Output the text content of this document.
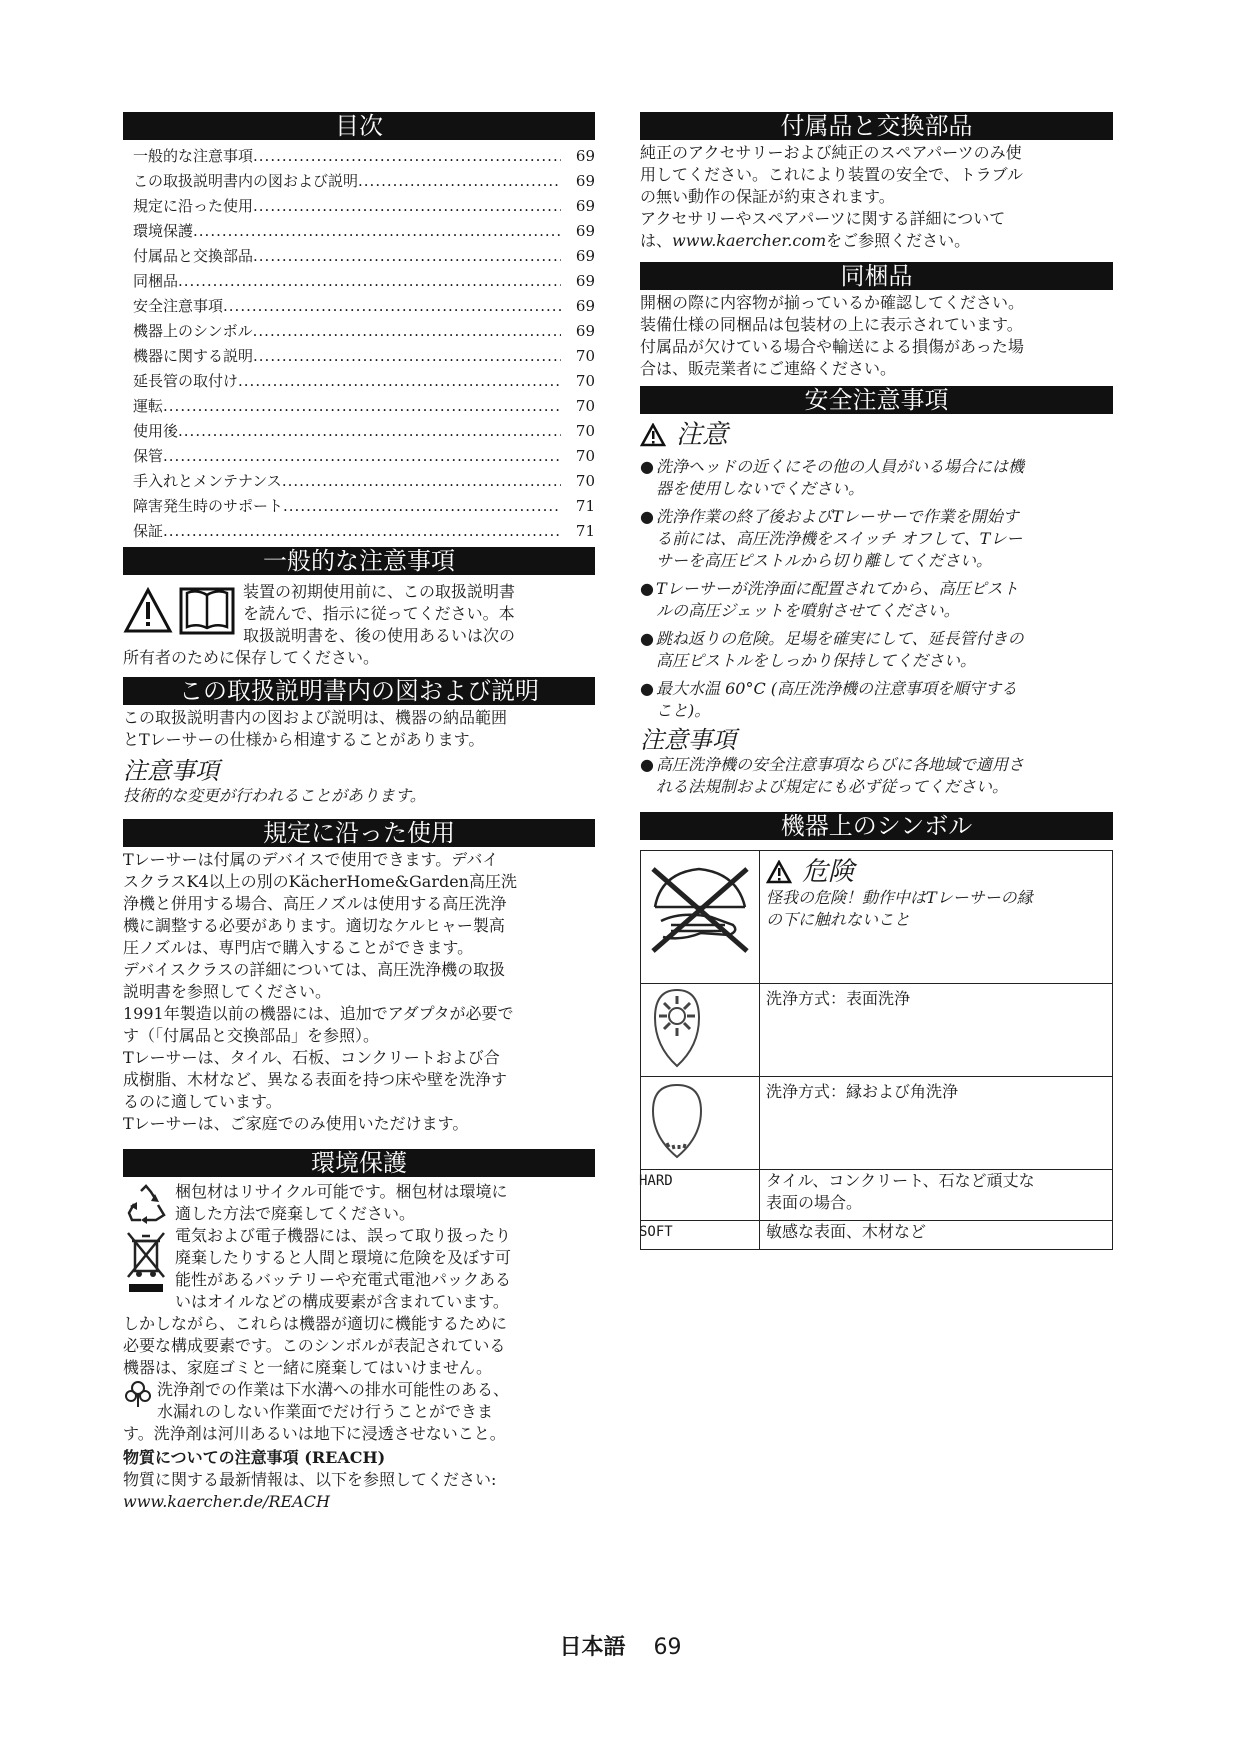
目次
一般的な注意事項 .....	69
この取扱説明書内の図および説明 .....	69
規定に沿った使用 .....	69
環境保護 .....	69
付属品と交換部品 .....	69
同梱品 .....	69
安全注意事項 .....	69
機器上のシンボル .....	69
機器に関する説明 .....	70
延長管の取付け .....	70
運転 .....	70
使用後 .....	70
保管 .....	70
手入れとメンテナンス .....	70
障害発生時のサポート .....	71
保証 .....	71
一般的な注意事項
装置の初期使用前に、この取扱説明書
を読んで、指示に従ってください。本
取扱説明書を、後の使用あるいは次の
所有者のために保存してください。
この取扱説明書内の図および説明
この取扱説明書内の図および説明は、機器の納品範囲
とTレーサーの仕様から相違することがあります。
注意事項
技術的な変更が行われることがあります。
規定に沿った使用
Tレーサーは付属のデバイスで使用できます。デバイ
スクラスK4以上の別のKächerHome&Garden高圧洗
浄機と併用する場合、高圧ノズルは使用する高圧洗浄
機に調整する必要があります。適切なケルヒャー製高
圧ノズルは、専門店で購入することができます。
デバイスクラスの詳細については、高圧洗浄機の取扱
説明書を参照してください。
1991年製造以前の機器には、追加でアダプタが必要で
す（「付属品と交換部品」を参照）。
Tレーサーは、タイル、石板、コンクリートおよび合
成樹脂、木材など、異なる表面を持つ床や壁を洗浄す
るのに適しています。
Tレーサーは、ご家庭でのみ使用いただけます。
環境保護
梱包材はリサイクル可能です。梱包材は環境に
適した方法で廃棄してください。
電気および電子機器には、誤って取り扱ったり
廃棄したりすると人間と環境に危険を及ぼす可
能性があるバッテリーや充電式電池パックある
いはオイルなどの構成要素が含まれています。
しかしながら、これらは機器が適切に機能するために
必要な構成要素です。このシンボルが表記されている
機器は、家庭ゴミと一緒に廃棄してはいけません。
洗浄剤での作業は下水溝への排水可能性のある、
水漏れのしない作業面でだけ行うことができま
す。洗浄剤は河川あるいは地下に浸透させないこと。
物質についての注意事項 (REACH)
物質に関する最新情報は、以下を参照してください:
www.kaercher.de/REACH
付属品と交換部品
純正のアクセサリーおよび純正のスペアパーツのみ使
用してください。これにより装置の安全で、トラブル
の無い動作の保証が約束されます。
アクセサリーやスペアパーツに関する詳細について
は、www.kaercher.comをご参照ください。
同梱品
開梱の際に内容物が揃っているか確認してください。
装備仕様の同梱品は包装材の上に表示されています。
付属品が欠けている場合や輸送による損傷があった場
合は、販売業者にご連絡ください。
安全注意事項
注意
● 洗浄ヘッドの近くにその他の人員がいる場合には機
器を使用しないでください。
● 洗浄作業の終了後およびTレーサーで作業を開始す
る前には、高圧洗浄機をスイッチ オフして、Tレー
サーを高圧ピストルから切り離してください。
● Tレーサーが洗浄面に配置されてから、高圧ピスト
ルの高圧ジェットを噴射させてください。
● 跳ね返りの危険。足場を確実にして、延長管付きの
高圧ピストルをしっかり保持してください。
● 最大水温 60°C (高圧洗浄機の注意事項を順守する
こと)。
注意事項
● 高圧洗浄機の安全注意事項ならびに各地域で適用さ
れる法規制および規定にも必ず従ってください。
機器上のシンボル

危険
怪我の危険！動作中はTレーサーの縁
の下に触れないこと

	洗浄方式：表面洗浄
	洗浄方式：縁および角洗浄
HARD	タイル、コンクリート、石など頑丈な
表面の場合。

SOFT	敏感な表面、木材など
日本語 69
